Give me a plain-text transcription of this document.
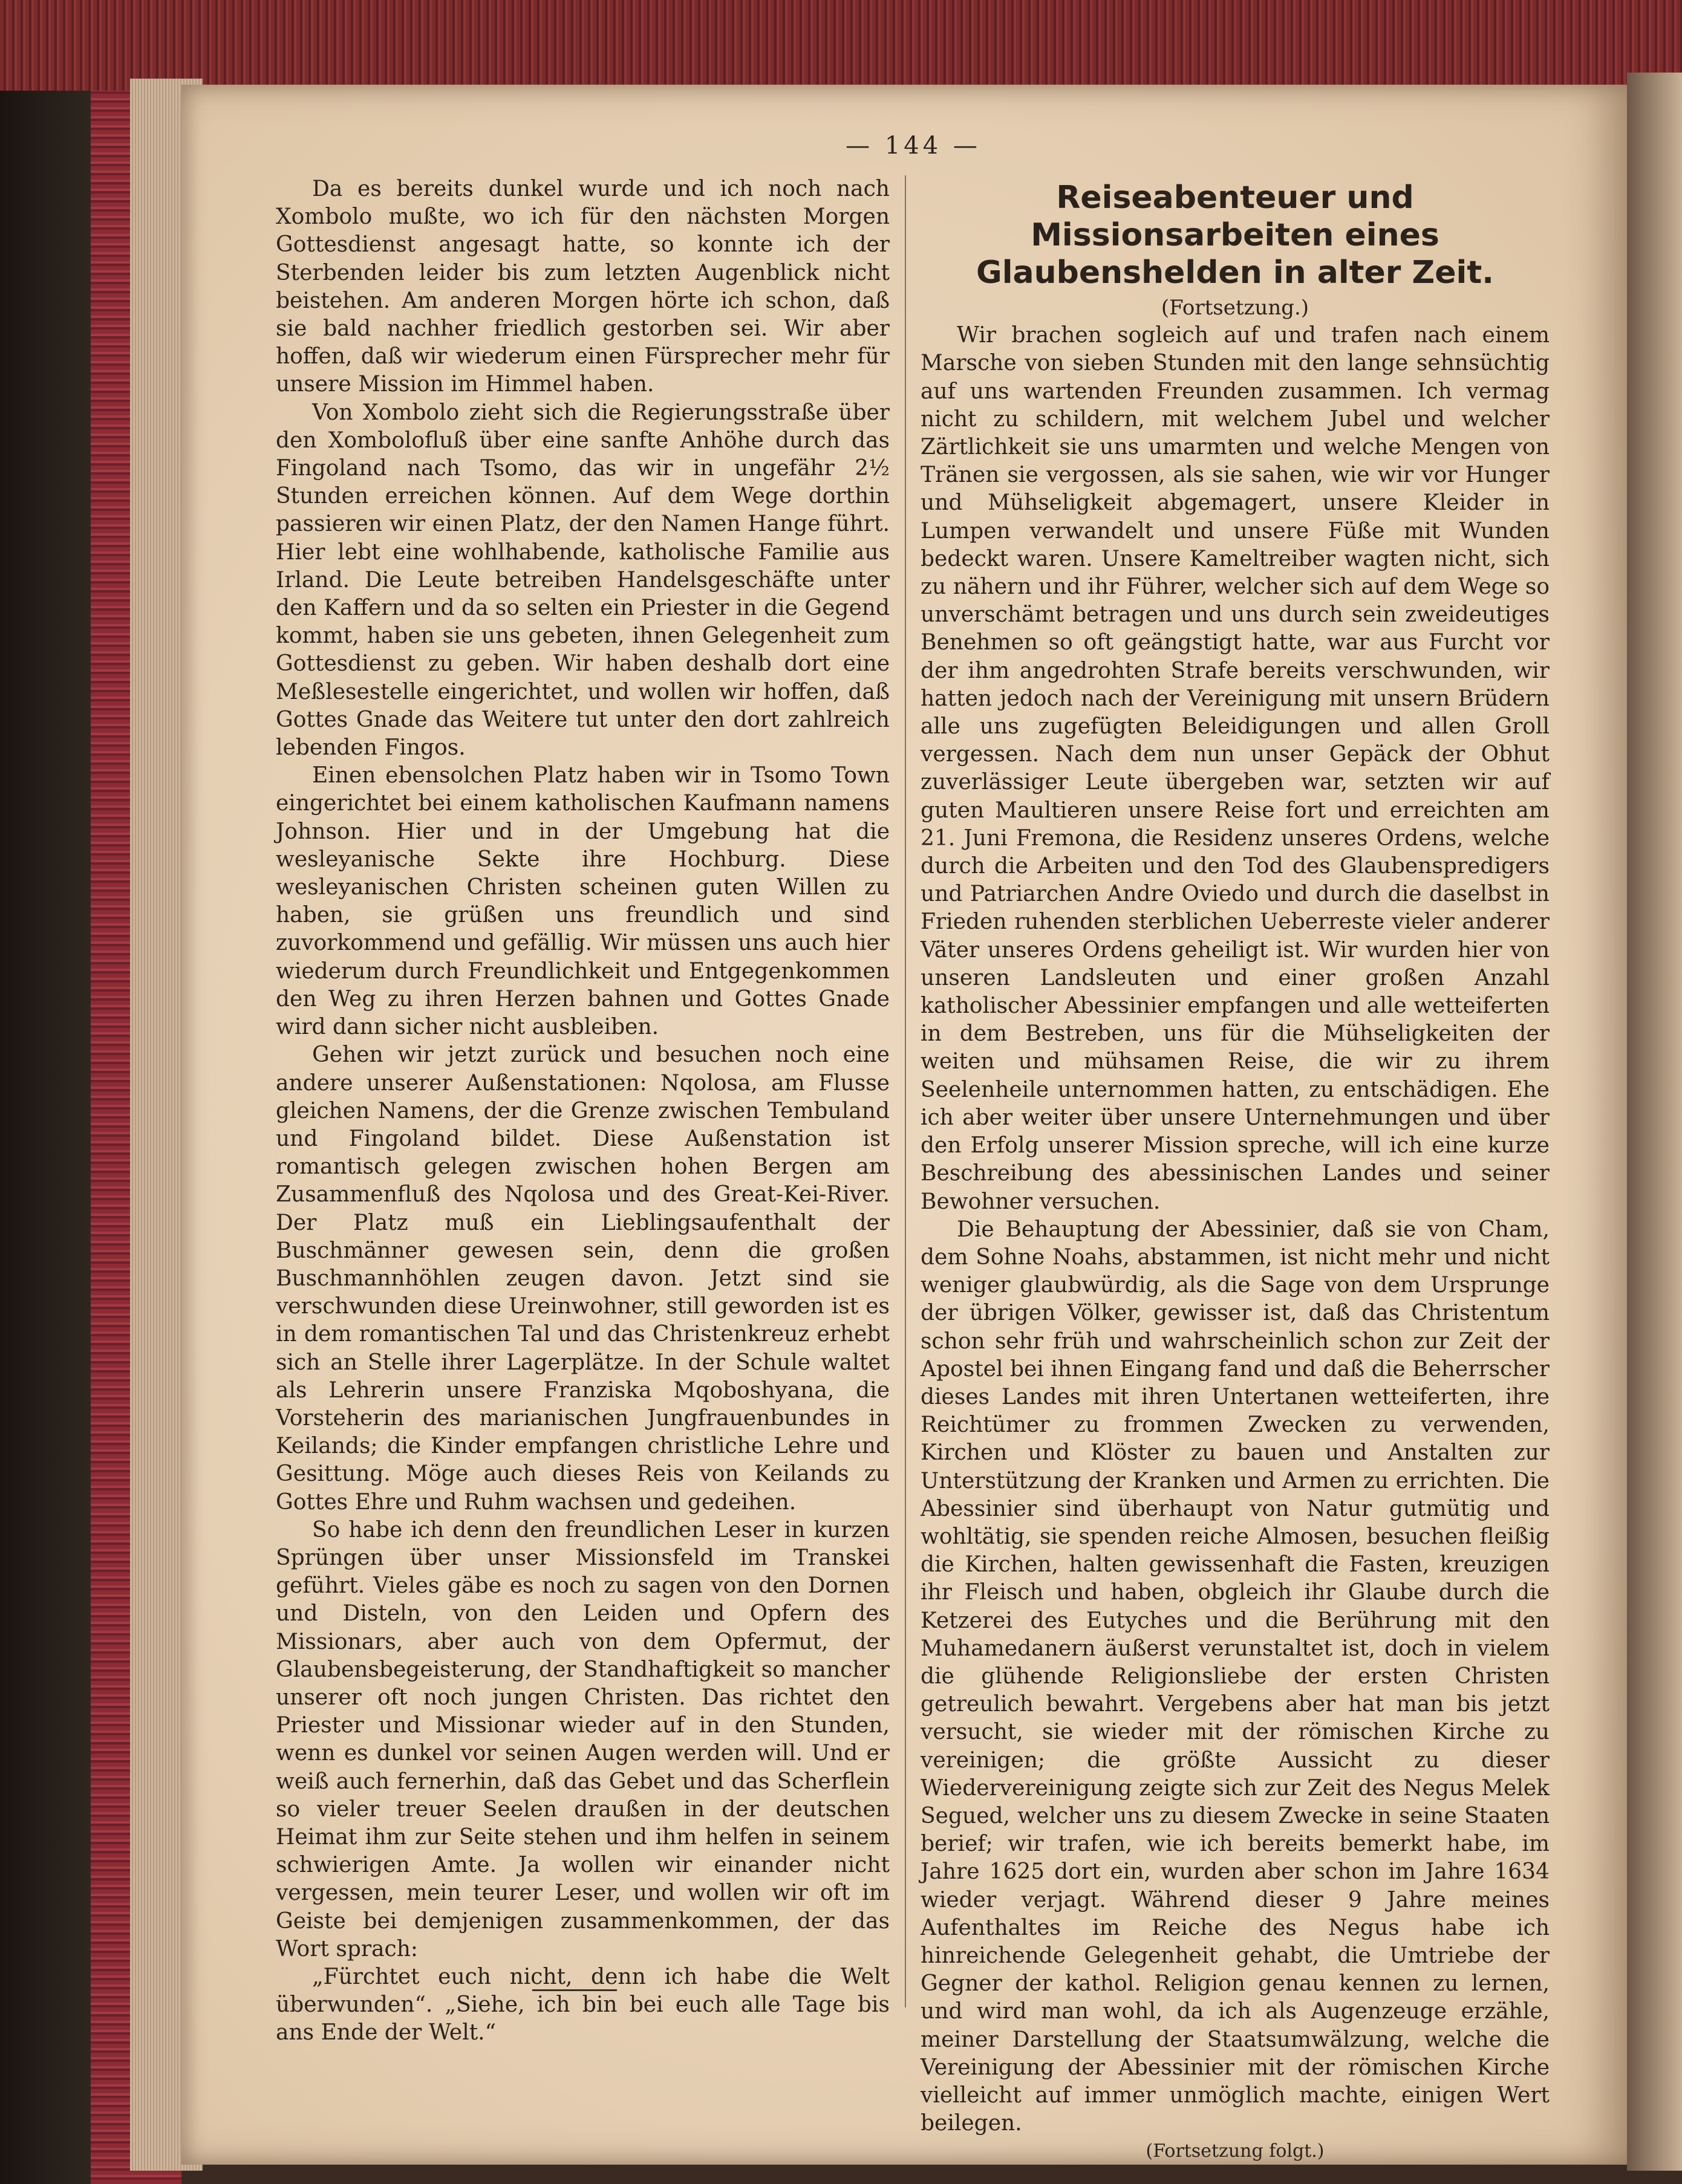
— 144 —

Da es bereits dunkel wurde und ich noch nach Xombolo mußte, wo ich für den nächsten Morgen Gottesdienst angesagt hatte, so konnte ich der Sterbenden leider bis zum letzten Augenblick nicht beistehen. Am anderen Morgen hörte ich schon, daß sie bald nachher friedlich gestorben sei. Wir aber hoffen, daß wir wiederum einen Fürsprecher mehr für unsere Mission im Himmel haben.

Von Xombolo zieht sich die Regierungsstraße über den Xombolofluß über eine sanfte Anhöhe durch das Fingoland nach Tsomo, das wir in ungefähr 2½ Stunden erreichen können. Auf dem Wege dorthin passieren wir einen Platz, der den Namen Hange führt. Hier lebt eine wohlhabende, katholische Familie aus Irland. Die Leute betreiben Handelsgeschäfte unter den Kaffern und da so selten ein Priester in die Gegend kommt, haben sie uns gebeten, ihnen Gelegenheit zum Gottesdienst zu geben. Wir haben deshalb dort eine Meßlesestelle eingerichtet, und wollen wir hoffen, daß Gottes Gnade das Weitere tut unter den dort zahlreich lebenden Fingos.

Einen ebensolchen Platz haben wir in Tsomo Town eingerichtet bei einem katholischen Kaufmann namens Johnson. Hier und in der Umgebung hat die wesleyanische Sekte ihre Hochburg. Diese wesleyanischen Christen scheinen guten Willen zu haben, sie grüßen uns freundlich und sind zuvorkommend und gefällig. Wir müssen uns auch hier wiederum durch Freundlichkeit und Entgegenkommen den Weg zu ihren Herzen bahnen und Gottes Gnade wird dann sicher nicht ausbleiben.

Gehen wir jetzt zurück und besuchen noch eine andere unserer Außenstationen: Nqolosa, am Flusse gleichen Namens, der die Grenze zwischen Tembuland und Fingoland bildet. Diese Außenstation ist romantisch gelegen zwischen hohen Bergen am Zusammenfluß des Nqolosa und des Great-Kei-River. Der Platz muß ein Lieblingsaufenthalt der Buschmänner gewesen sein, denn die großen Buschmannhöhlen zeugen davon. Jetzt sind sie verschwunden diese Ureinwohner, still geworden ist es in dem romantischen Tal und das Christenkreuz erhebt sich an Stelle ihrer Lagerplätze. In der Schule waltet als Lehrerin unsere Franziska Mqoboshyana, die Vorsteherin des marianischen Jungfrauenbundes in Keilands; die Kinder empfangen christliche Lehre und Gesittung. Möge auch dieses Reis von Keilands zu Gottes Ehre und Ruhm wachsen und gedeihen.

So habe ich denn den freundlichen Leser in kurzen Sprüngen über unser Missionsfeld im Transkei geführt. Vieles gäbe es noch zu sagen von den Dornen und Disteln, von den Leiden und Opfern des Missionars, aber auch von dem Opfermut, der Glaubensbegeisterung, der Standhaftigkeit so mancher unserer oft noch jungen Christen. Das richtet den Priester und Missionar wieder auf in den Stunden, wenn es dunkel vor seinen Augen werden will. Und er weiß auch fernerhin, daß das Gebet und das Scherflein so vieler treuer Seelen draußen in der deutschen Heimat ihm zur Seite stehen und ihm helfen in seinem schwierigen Amte. Ja wollen wir einander nicht vergessen, mein teurer Leser, und wollen wir oft im Geiste bei demjenigen zusammenkommen, der das Wort sprach:

„Fürchtet euch nicht, denn ich habe die Welt überwunden“. „Siehe, ich bin bei euch alle Tage bis ans Ende der Welt.“

Reiseabenteuer und Missionsarbeiten eines Glaubenshelden in alter Zeit.

(Fortsetzung.)

Wir brachen sogleich auf und trafen nach einem Marsche von sieben Stunden mit den lange sehnsüchtig auf uns wartenden Freunden zusammen. Ich vermag nicht zu schildern, mit welchem Jubel und welcher Zärtlichkeit sie uns umarmten und welche Mengen von Tränen sie vergossen, als sie sahen, wie wir vor Hunger und Mühseligkeit abgemagert, unsere Kleider in Lumpen verwandelt und unsere Füße mit Wunden bedeckt waren. Unsere Kameltreiber wagten nicht, sich zu nähern und ihr Führer, welcher sich auf dem Wege so unverschämt betragen und uns durch sein zweideutiges Benehmen so oft geängstigt hatte, war aus Furcht vor der ihm angedrohten Strafe bereits verschwunden, wir hatten jedoch nach der Vereinigung mit unsern Brüdern alle uns zugefügten Beleidigungen und allen Groll vergessen. Nach dem nun unser Gepäck der Obhut zuverlässiger Leute übergeben war, setzten wir auf guten Maultieren unsere Reise fort und erreichten am 21. Juni Fremona, die Residenz unseres Ordens, welche durch die Arbeiten und den Tod des Glaubenspredigers und Patriarchen Andre Oviedo und durch die daselbst in Frieden ruhenden sterblichen Ueberreste vieler anderer Väter unseres Ordens geheiligt ist. Wir wurden hier von unseren Landsleuten und einer großen Anzahl katholischer Abessinier empfangen und alle wetteiferten in dem Bestreben, uns für die Mühseligkeiten der weiten und mühsamen Reise, die wir zu ihrem Seelenheile unternommen hatten, zu entschädigen. Ehe ich aber weiter über unsere Unternehmungen und über den Erfolg unserer Mission spreche, will ich eine kurze Beschreibung des abessinischen Landes und seiner Bewohner versuchen.

Die Behauptung der Abessinier, daß sie von Cham, dem Sohne Noahs, abstammen, ist nicht mehr und nicht weniger glaubwürdig, als die Sage von dem Ursprunge der übrigen Völker, gewisser ist, daß das Christentum schon sehr früh und wahrscheinlich schon zur Zeit der Apostel bei ihnen Eingang fand und daß die Beherrscher dieses Landes mit ihren Untertanen wetteiferten, ihre Reichtümer zu frommen Zwecken zu verwenden, Kirchen und Klöster zu bauen und Anstalten zur Unterstützung der Kranken und Armen zu errichten. Die Abessinier sind überhaupt von Natur gutmütig und wohltätig, sie spenden reiche Almosen, besuchen fleißig die Kirchen, halten gewissenhaft die Fasten, kreuzigen ihr Fleisch und haben, obgleich ihr Glaube durch die Ketzerei des Eutyches und die Berührung mit den Muhamedanern äußerst verunstaltet ist, doch in vielem die glühende Religionsliebe der ersten Christen getreulich bewahrt. Vergebens aber hat man bis jetzt versucht, sie wieder mit der römischen Kirche zu vereinigen; die größte Aussicht zu dieser Wiedervereinigung zeigte sich zur Zeit des Negus Melek Segued, welcher uns zu diesem Zwecke in seine Staaten berief; wir trafen, wie ich bereits bemerkt habe, im Jahre 1625 dort ein, wurden aber schon im Jahre 1634 wieder verjagt. Während dieser 9 Jahre meines Aufenthaltes im Reiche des Negus habe ich hinreichende Gelegenheit gehabt, die Umtriebe der Gegner der kathol. Religion genau kennen zu lernen, und wird man wohl, da ich als Augenzeuge erzähle, meiner Darstellung der Staatsumwälzung, welche die Vereinigung der Abessinier mit der römischen Kirche vielleicht auf immer unmöglich machte, einigen Wert beilegen.

(Fortsetzung folgt.)
